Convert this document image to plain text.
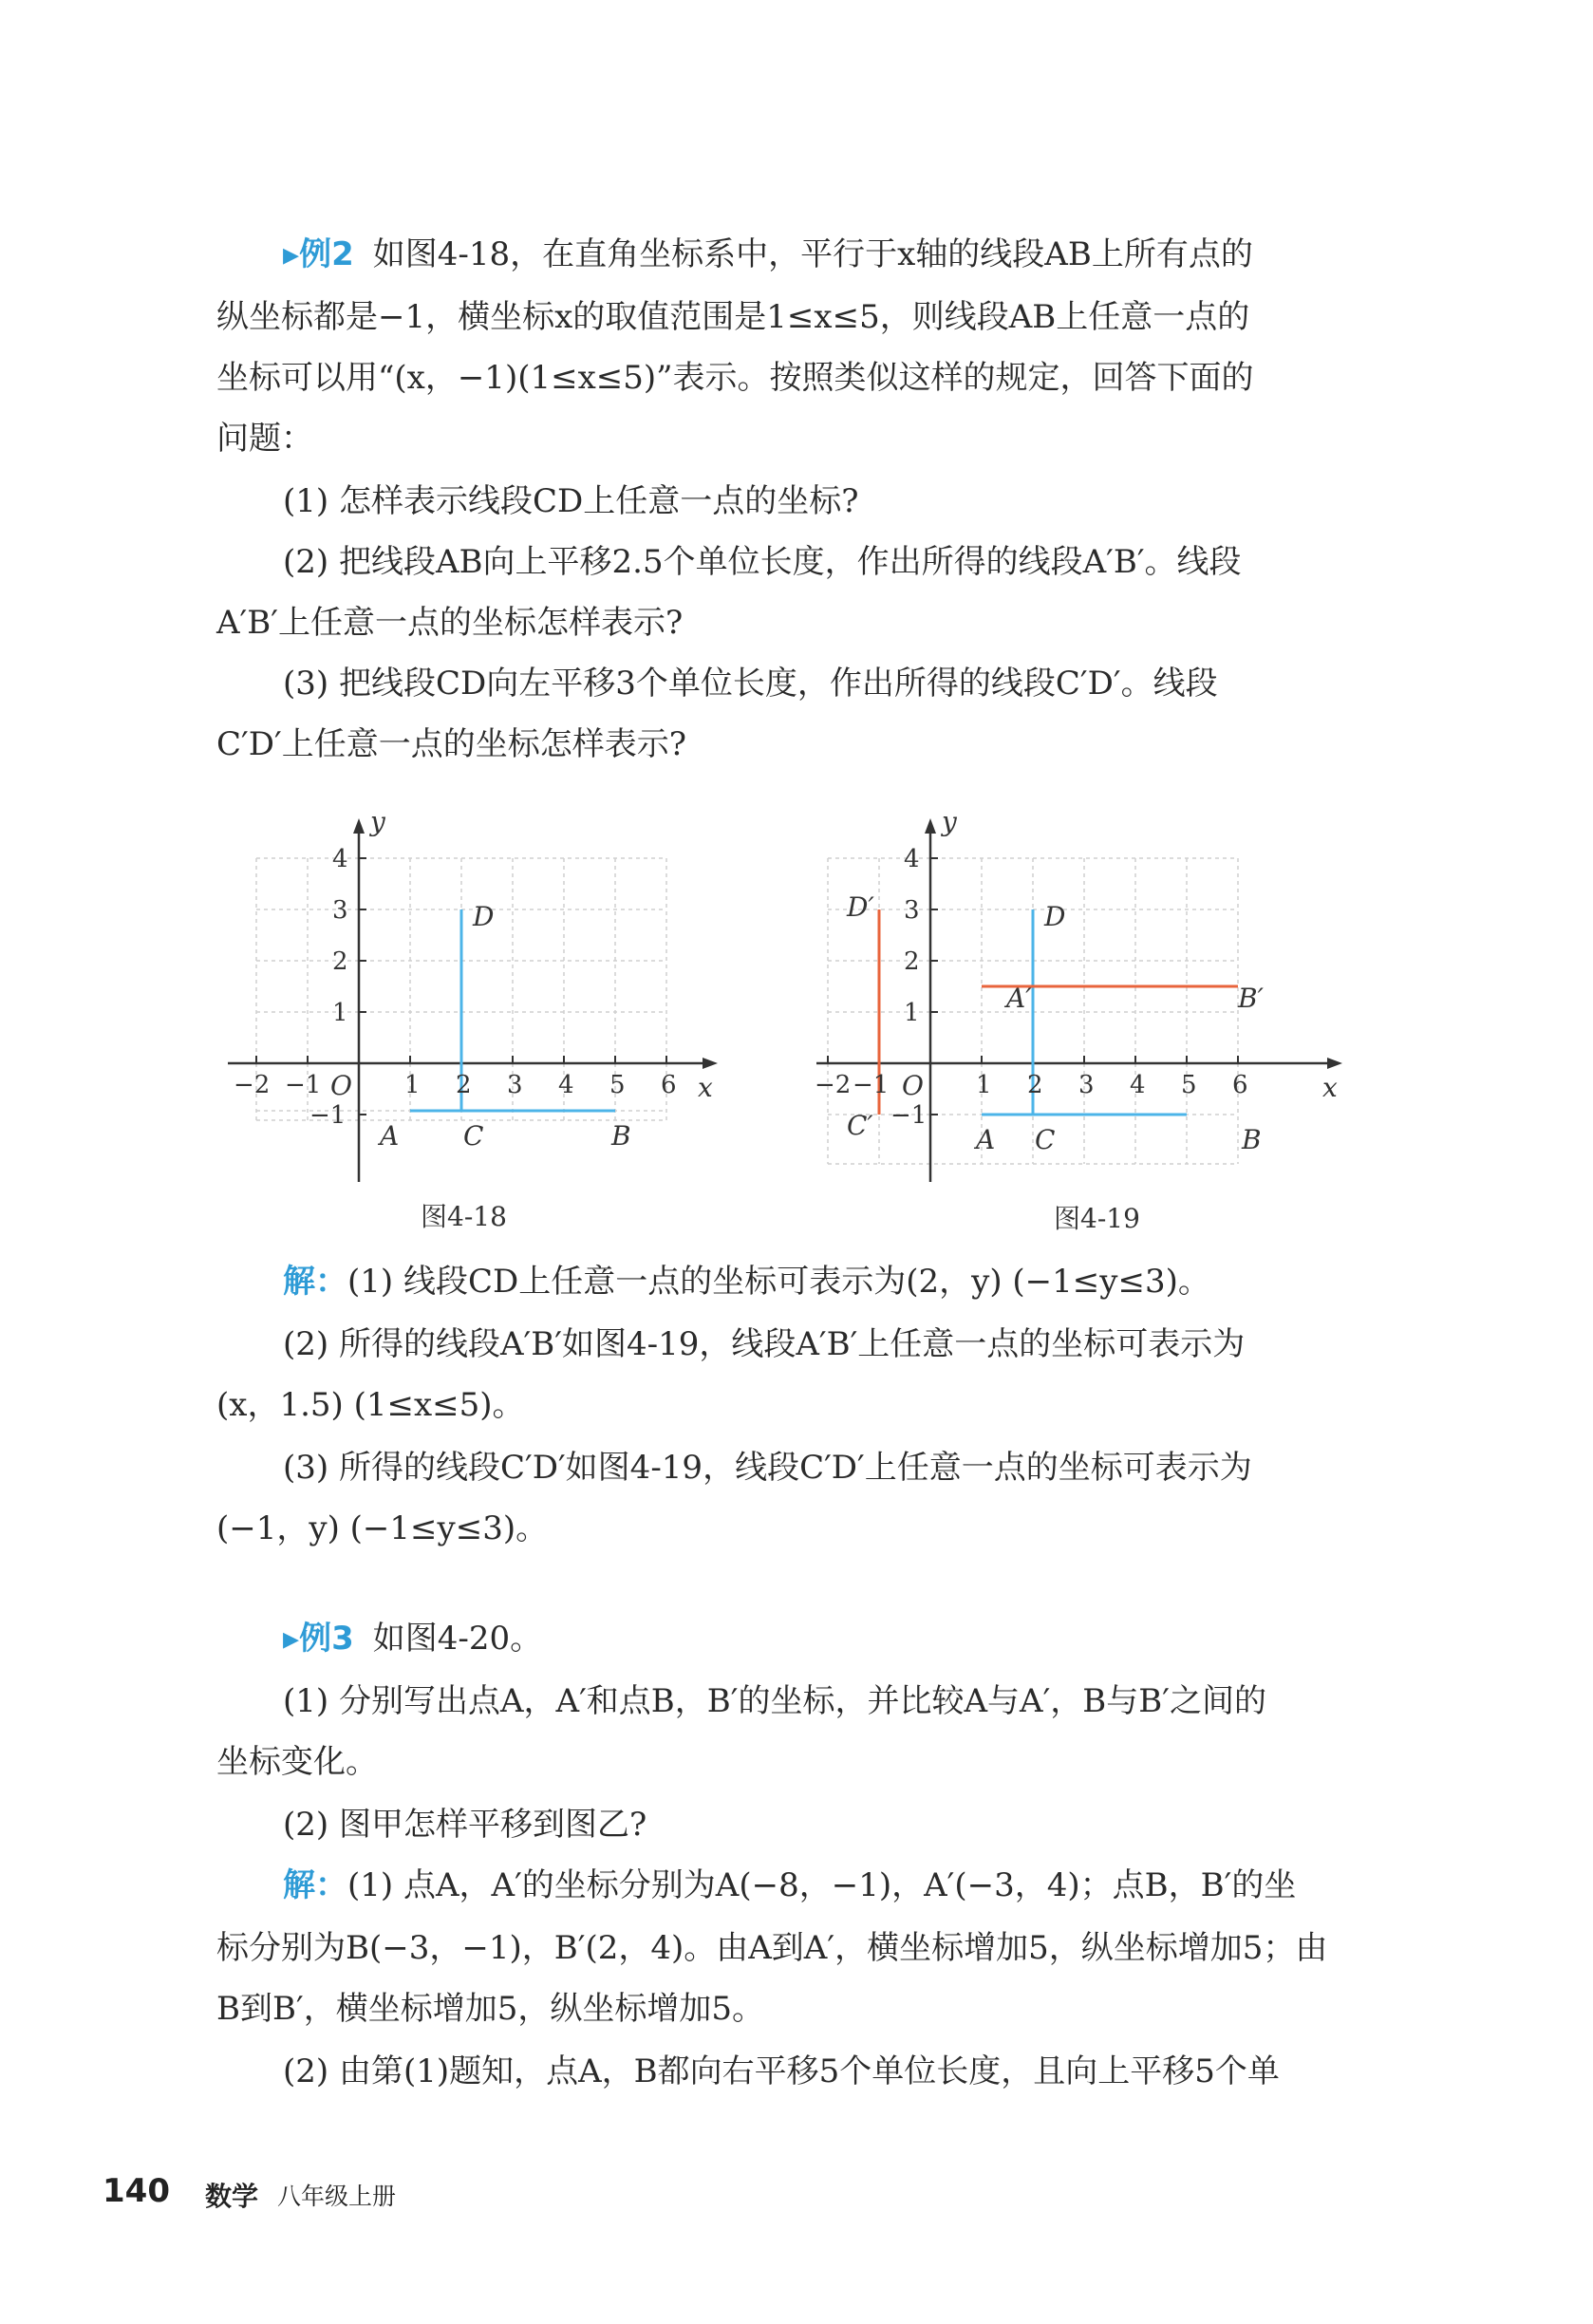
▸例2 如图4-18，在直角坐标系中，平行于x轴的线段AB上所有点的

纵坐标都是−1，横坐标x的取值范围是1≤x≤5，则线段AB上任意一点的

坐标可以用“(x，−1)(1≤x≤5)”表示。按照类似这样的规定，回答下面的

问题：

(1) 怎样表示线段CD上任意一点的坐标?

(2) 把线段AB向上平移2.5个单位长度，作出所得的线段A′B′。线段

A′B′上任意一点的坐标怎样表示?

(3) 把线段CD向左平移3个单位长度，作出所得的线段C′D′。线段

C′D′上任意一点的坐标怎样表示?

y
x
O
−2 −1	1 2 3 4 5 6
4
3
2
1
−1
D
A C	B
图4-18
y
x
O
−2 −1	1 2 3 4 5 6
4
3
2
1
−1
D
D′
A′	B′
C′	A C	B
图4-19

解：(1) 线段CD上任意一点的坐标可表示为(2，y) (−1≤y≤3)。

(2) 所得的线段A′B′如图4-19，线段A′B′上任意一点的坐标可表示为

(x，1.5) (1≤x≤5)。

(3) 所得的线段C′D′如图4-19，线段C′D′上任意一点的坐标可表示为

(−1，y) (−1≤y≤3)。

▸例3 如图4-20。

(1) 分别写出点A，A′和点B，B′的坐标，并比较A与A′，B与B′之间的

坐标变化。

(2) 图甲怎样平移到图乙?

解：(1) 点A，A′的坐标分别为A(−8，−1)，A′(−3，4)；点B，B′的坐

标分别为B(−3，−1)，B′(2，4)。由A到A′，横坐标增加5，纵坐标增加5；由

B到B′，横坐标增加5，纵坐标增加5。

(2) 由第(1)题知，点A，B都向右平移5个单位长度，且向上平移5个单

140 数学 八年级上册
